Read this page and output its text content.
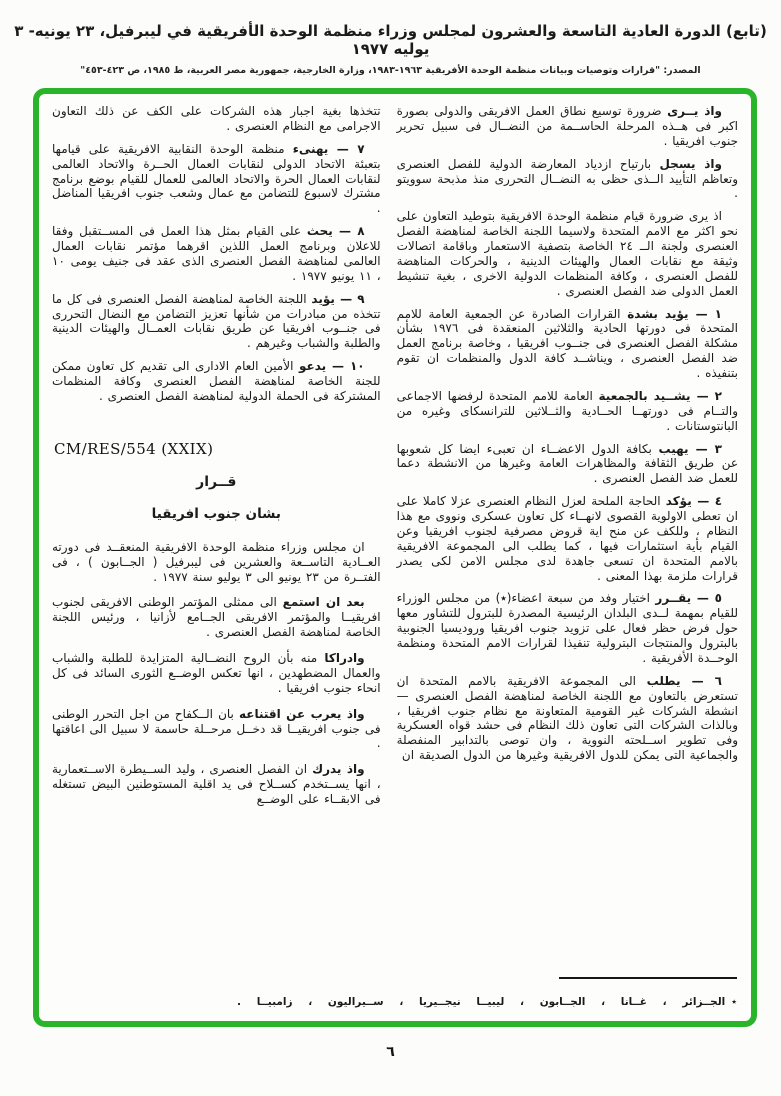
(تابع) الدورة العادية التاسعة والعشرون لمجلس وزراء منظمة الوحدة الأفريقية في ليبرفيل، ٢٣ يونيه- ٣ يوليه ١٩٧٧
المصدر: "قرارات وتوصيات وبيانات منظمة الوحدة الأفريقية ١٩٦٣-١٩٨٣، وزارة الخارجية، جمهورية مصر العربية، ط ١٩٨٥، ص ٤٢٣-٤٥٣"

واذ يــرى ضرورة توسيع نطاق العمل الافريقى والدولى بصورة اكبر فى هــذه المرحلة الحاســمة من النضــال فى سبيل تحرير جنوب افريقيا .

واذ يسجل بارتياح ازدياد المعارضة الدولية للفصل العنصرى وتعاظم التأييد الــذى حظى به النضــال التحررى منذ مذبحة سوويتو .

اذ يرى ضرورة قيام منظمة الوحدة الافريقية بتوطيد التعاون على نحو اكثر مع الامم المتحدة ولاسيما اللجنة الخاصة لمناهضة الفصل العنصرى ولجنة الــ ٢٤ الخاصة بتصفية الاستعمار وباقامة اتصالات وثيقة مع نقابات العمال والهيئات الدينية ، والحركات المناهضة للفصل العنصرى ، وكافة المنظمات الدولية الاخرى ، بغية تنشيط العمل الدولى ضد الفصل العنصرى .

١ — يؤيد بشدة القرارات الصادرة عن الجمعية العامة للامم المتحدة فى دورتها الحادية والثلاثين المنعقدة فى ١٩٧٦ بشأن مشكلة الفصل العنصرى فى جنــوب افريقيا ، وخاصة برنامج العمل ضد الفصل العنصرى ، ويناشــد كافة الدول والمنظمات ان تقوم بتنفيذه .

٢ — يشــيد بالجمعية العامة للامم المتحدة لرفضها الاجماعى والتــام فى دورتهــا الحــادية والثــلاثين للترانسكاى وغيره من البانتوستانات .

٣ — يهيب بكافة الدول الاعضــاء ان تعبىء ايضا كل شعوبها عن طريق الثقافة والمظاهرات العامة وغيرها من الانشطة دعما للعمل ضد الفصل العنصرى .

٤ — يؤكد الحاجة الملحة لعزل النظام العنصرى عزلا كاملا على ان تعطى الاولوية القصوى لانهــاء كل تعاون عسكرى ونووى مع هذا النظام ، وللكف عن منح اية قروض مصرفية لجنوب افريقيا وعن القيام بأية استثمارات فيها ، كما يطلب الى المجموعة الافريقية بالامم المتحدة ان تسعى جاهدة لدى مجلس الامن لكى يصدر قرارات ملزمة بهذا المعنى .

٥ — يقــرر اختيار وفد من سبعة اعضاء(٭) من مجلس الوزراء للقيام بمهمة لــدى البلدان الرئيسية المصدرة للبترول للتشاور معها حول فرض حظر فعال على تزويد جنوب افريقيا وروديسيا الجنوبية بالبترول والمنتجات البترولية تنفيذا لقرارات الامم المتحدة ومنظمة الوحــدة الأفريقية .

٦ — يطلب الى المجموعة الافريقية بالامم المتحدة ان تستعرض بالتعاون مع اللجنة الخاصة لمناهضة الفصل العنصرى — انشطة الشركات غير القومية المتعاونة مع نظام جنوب افريقيا ، وبالذات الشركات التى تعاون ذلك النظام فى حشد قواه العسكرية وفى تطوير اســلحته النووية ، وان توصى بالتدابير المنفصلة والجماعية التى يمكن للدول الافريقية وغيرها من الدول الصديقة ان

تتخذها بغية اجبار هذه الشركات على الكف عن ذلك التعاون الاجرامى مع النظام العنصرى .

٧ — يهنىء منظمة الوحدة النقابية الافريقية على قيامها بتعبئة الاتحاد الدولى لنقابات العمال الحــرة والاتحاد العالمى لنقابات العمال الحرة والاتحاد العالمى للعمال للقيام بوضع برنامج مشترك لاسبوع للتضامن مع عمال وشعب جنوب افريقيا المناضل .

٨ — يحث على القيام بمثل هذا العمل فى المســتقبل وفقا للاعلان وبرنامج العمل اللذين اقرهما مؤتمر نقابات العمال العالمى لمناهضة الفصل العنصرى الذى عقد فى جنيف يومى ١٠ ، ١١ يونيو ١٩٧٧ .

٩ — يؤيد اللجنة الخاصة لمناهضة الفصل العنصرى فى كل ما تتخذه من مبادرات من شأنها تعزيز التضامن مع النضال التحررى فى جنــوب افريقيا عن طريق نقابات العمــال والهيئات الدينية والطلبة والشباب وغيرهم .

١٠ — يدعو الأمين العام الادارى الى تقديم كل تعاون ممكن للجنة الخاصة لمناهضة الفصل العنصرى وكافة المنظمات المشتركة فى الحملة الدولية لمناهضة الفصل العنصرى .

CM/RES/554 (XXIX)
قــرار
بشان جنوب افريقيا

ان مجلس وزراء منظمة الوحدة الافريقية المنعقــد فى دورته العــادية التاســعة والعشرين فى ليبرفيل ( الجــابون ) ، فى الفتــرة من ٢٣ يونيو الى ٣ يوليو سنة ١٩٧٧ .

بعد ان استمع الى ممثلى المؤتمر الوطنى الافريقى لجنوب افريقيــا والمؤتمر الافريقى الجــامع لأزانيا ، ورئيس اللجنة الخاصة لمناهضة الفصل العنصرى .

وادراكا منه بأن الروح النضــالية المتزايدة للطلبة والشباب والعمال المضطهدين ، انها تعكس الوضــع الثورى السائد فى كل انحاء جنوب افريقيا .

واذ يعرب عن اقتناعه بان الــكفاح من اجل التحرر الوطنى فى جنوب افريقيــا قد دخــل مرحــلة حاسمة لا سبيل الى اعاقتها .

واذ يدرك ان الفصل العنصرى ، وليد الســيطرة الاســتعمارية ، انها يســتخدم كســلاح فى يد اقلية المستوطنين البيض تستغله فى الابقــاء على الوضــع

٭الجــزائر ، غــانا ، الجــابون ، ليبيــا نيجــيريا ، ســيراليون ، زامبيــا .
٦
